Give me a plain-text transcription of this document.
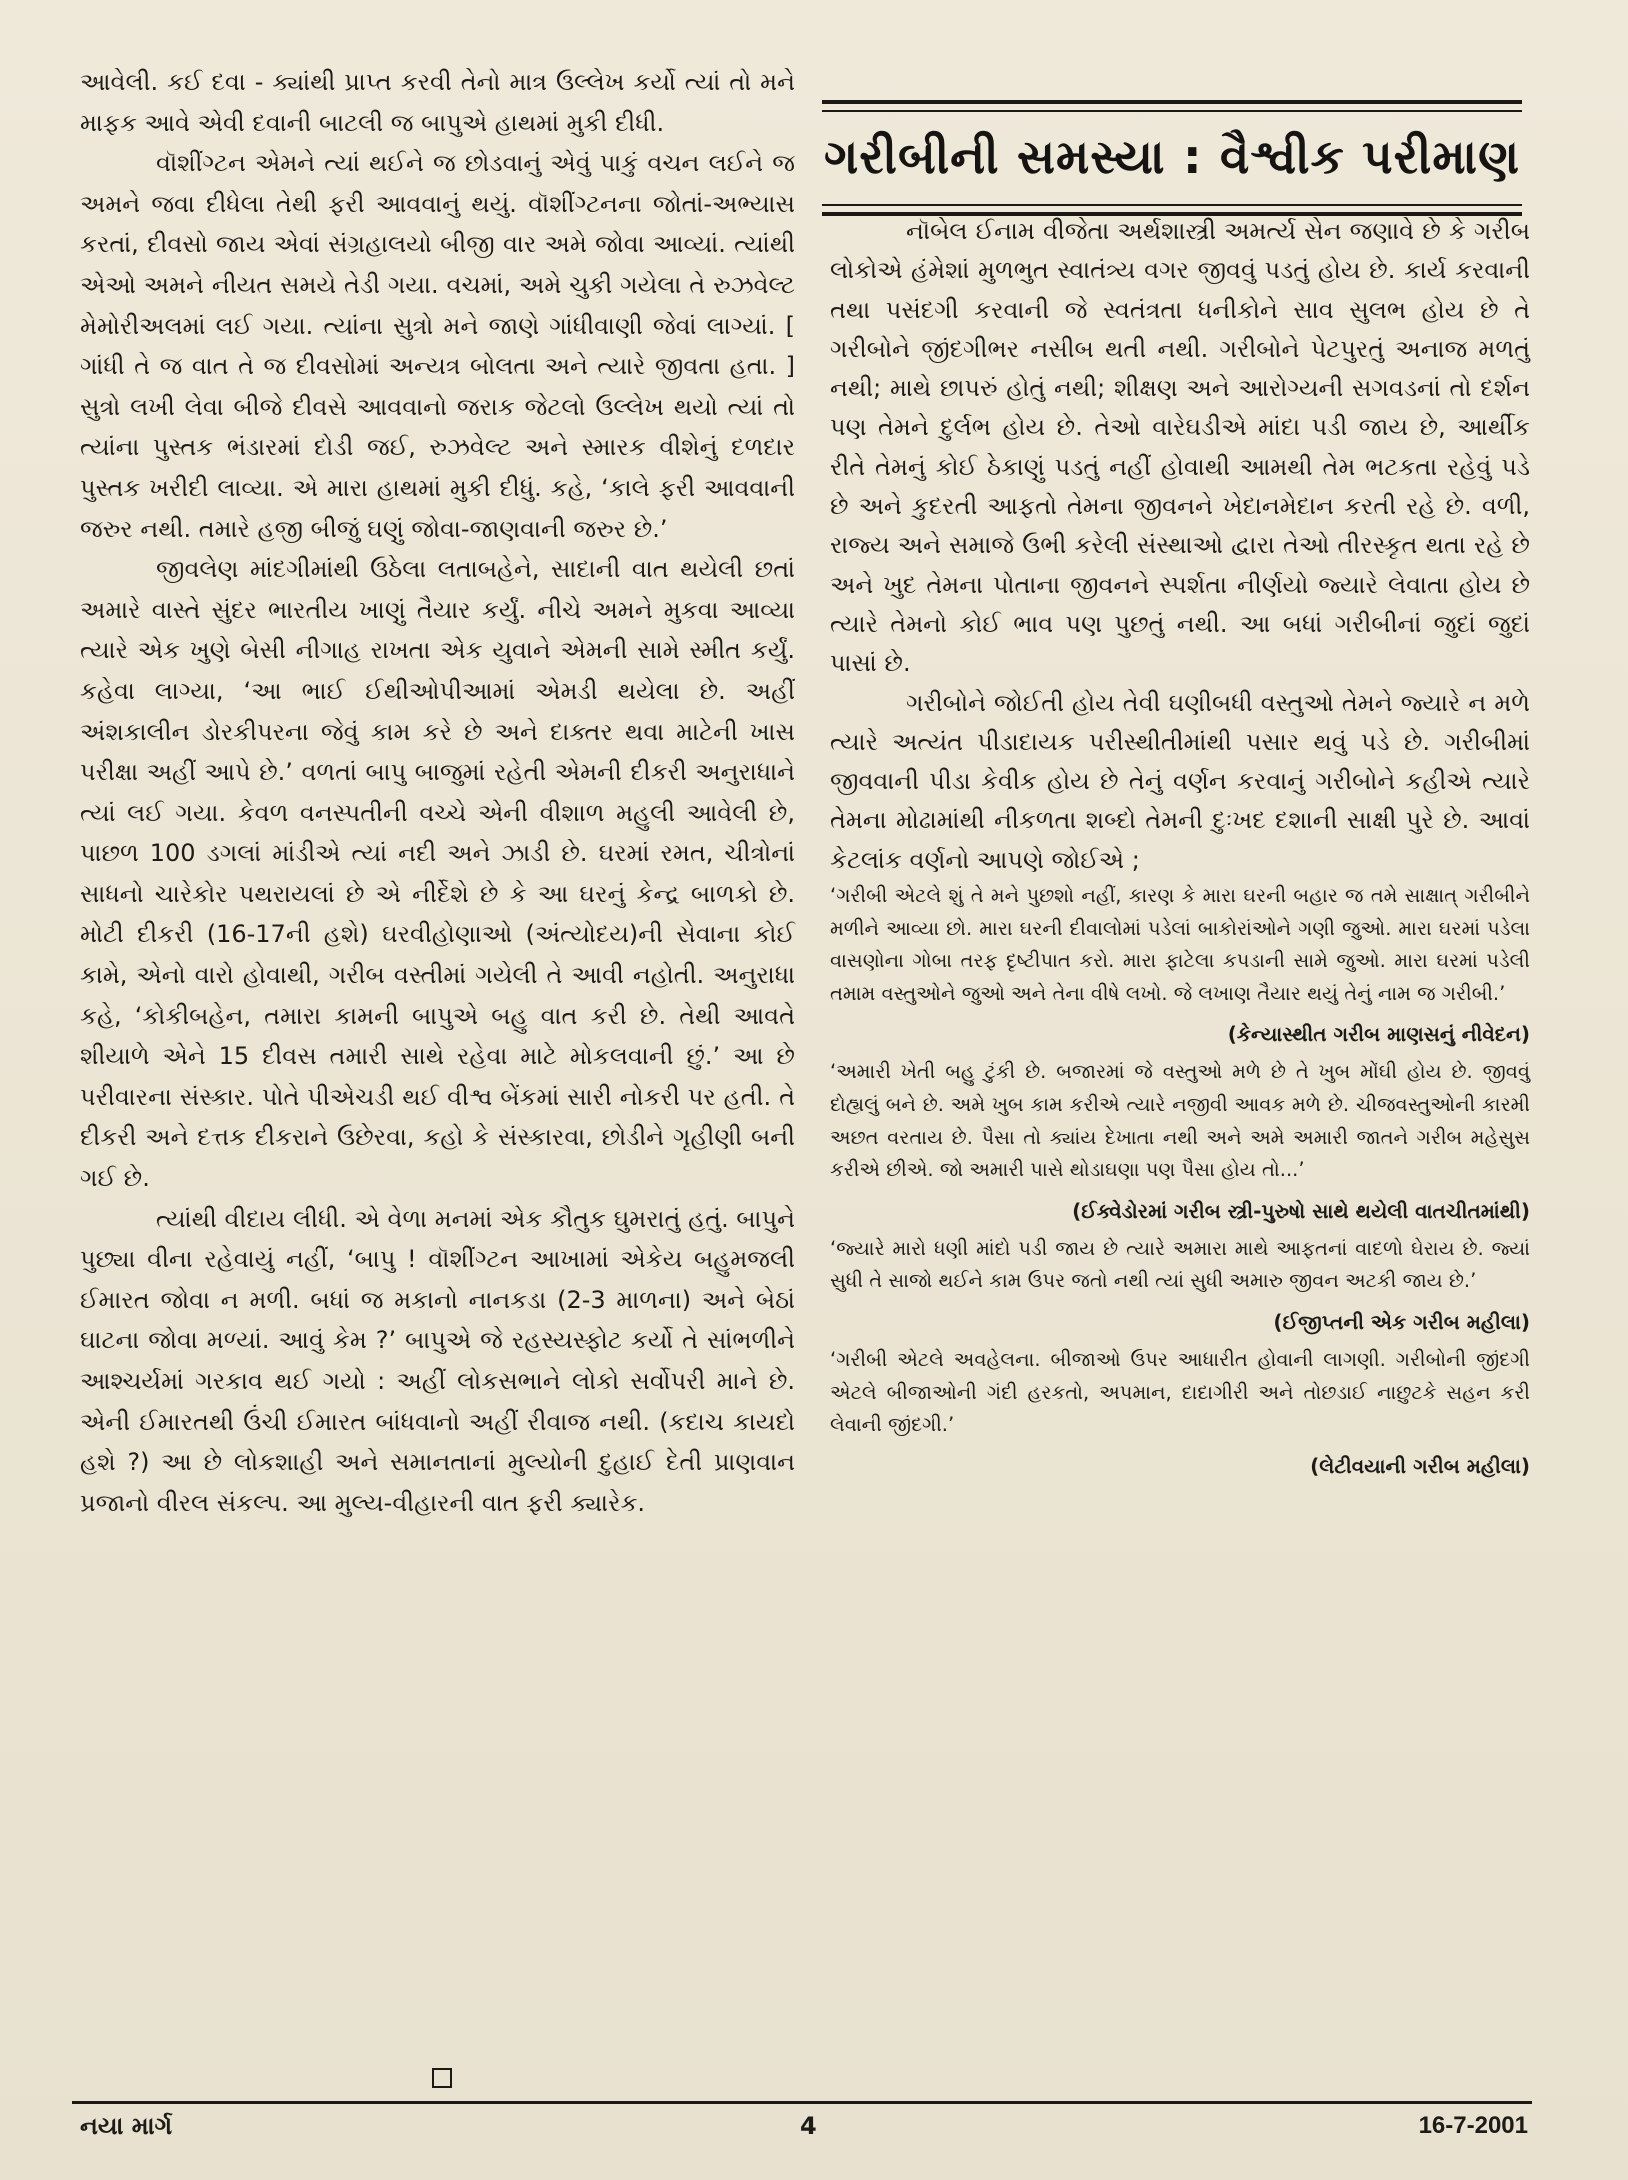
આવેલી. કઈ દવા - ક્યાંથી પ્રાપ્ત કરવી તેનો માત્ર ઉલ્લેખ કર્યો ત્યાં તો મને માફક આવે એવી દવાની બાટલી જ બાપુએ હાથમાં મુકી દીધી.

વૉશીંગ્ટન એમને ત્યાં થઈને જ છોડવાનું એવું પાકું વચન લઈને જ અમને જવા દીધેલા તેથી ફરી આવવાનું થયું. વૉશીંગ્ટનના જોતાં-અભ્યાસ કરતાં, દીવસો જાય એવાં સંગ્રહાલયો બીજી વાર અમે જોવા આવ્યાં. ત્યાંથી એઓ અમને નીયત સમયે તેડી ગયા. વચમાં, અમે ચુકી ગયેલા તે રુઝવેલ્ટ મેમોરીઅલમાં લઈ ગયા. ત્યાંના સુત્રો મને જાણે ગાંધીવાણી જેવાં લાગ્યાં. [ ગાંધી તે જ વાત તે જ દીવસોમાં અન્યત્ર બોલતા અને ત્યારે જીવતા હતા. ] સુત્રો લખી લેવા બીજે દીવસે આવવાનો જરાક જેટલો ઉલ્લેખ થયો ત્યાં તો ત્યાંના પુસ્તક ભંડારમાં દોડી જઈ, રુઝવેલ્ટ અને સ્મારક વીશેનું દળદાર પુસ્તક ખરીદી લાવ્યા. એ મારા હાથમાં મુકી દીધું. કહે, ‘કાલે ફરી આવવાની જરુર નથી. તમારે હજી બીજું ઘણું જોવા-જાણવાની જરુર છે.’

જીવલેણ માંદગીમાંથી ઉઠેલા લતાબહેને, સાદાની વાત થયેલી છતાં અમારે વાસ્તે સુંદર ભારતીય ખાણું તૈયાર કર્યું. નીચે અમને મુકવા આવ્યા ત્યારે એક ખુણે બેસી નીગાહ રાખતા એક યુવાને એમની સામે સ્મીત કર્યું. કહેવા લાગ્યા, ‘આ ભાઈ ઈથીઓપીઆમાં એમડી થયેલા છે. અહીં અંશકાલીન ડોરકીપરના જેવું કામ કરે છે અને દાક્તર થવા માટેની ખાસ પરીક્ષા અહીં આપે છે.’ વળતાં બાપુ બાજુમાં રહેતી એમની દીકરી અનુરાધાને ત્યાં લઈ ગયા. કેવળ વનસ્પતીની વચ્ચે એની વીશાળ મહુલી આવેલી છે, પાછળ 100 ડગલાં માંડીએ ત્યાં નદી અને ઝાડી છે. ઘરમાં રમત, ચીત્રોનાં સાધનો ચારેકોર પથરાયલાં છે એ નીર્દેશે છે કે આ ઘરનું કેન્દ્ર બાળકો છે. મોટી દીકરી (16-17ની હશે) ઘરવીહોણાઓ (અંત્યોદય)ની સેવાના કોઈ કામે, એનો વારો હોવાથી, ગરીબ વસ્તીમાં ગયેલી તે આવી નહોતી. અનુરાધા કહે, ‘કોકીબહેન, તમારા કામની બાપુએ બહુ વાત કરી છે. તેથી આવતે શીયાળે એને 15 દીવસ તમારી સાથે રહેવા માટે મોકલવાની છું.’ આ છે પરીવારના સંસ્કાર. પોતે પીએચડી થઈ વીશ્વ બેંકમાં સારી નોકરી પર હતી. તે દીકરી અને દત્તક દીકરાને ઉછેરવા, કહો કે સંસ્કારવા, છોડીને ગૃહીણી બની ગઈ છે.

ત્યાંથી વીદાય લીધી. એ વેળા મનમાં એક કૌતુક ઘુમરાતું હતું. બાપુને પુછ્યા વીના રહેવાયું નહીં, ‘બાપુ ! વૉશીંગ્ટન આખામાં એકેય બહુમજલી ઈમારત જોવા ન મળી. બધાં જ મકાનો નાનકડા (2-3 માળના) અને બેઠાં ઘાટના જોવા મળ્યાં. આવું કેમ ?’ બાપુએ જે રહસ્યસ્ફોટ કર્યો તે સાંભળીને આશ્ચર્યમાં ગરકાવ થઈ ગયો : અહીં લોકસભાને લોકો સર્વોપરી માને છે. એની ઈમારતથી ઉંચી ઈમારત બાંધવાનો અહીં રીવાજ નથી. (કદાચ કાયદો હશે ?) આ છે લોકશાહી અને સમાનતાનાં મુલ્યોની દુહાઈ દેતી પ્રાણવાન પ્રજાનો વીરલ સંકલ્પ. આ મુલ્ય-વીહારની વાત ફરી ક્યારેક.

ગરીબીની સમસ્યા : વૈશ્વીક પરીમાણ

નૉબેલ ઈનામ વીજેતા અર્થશાસ્ત્રી અમર્ત્ય સેન જણાવે છે કે ગરીબ લોકોએ હંમેશાં મુળભુત સ્વાતંત્ર્ય વગર જીવવું પડતું હોય છે. કાર્ય કરવાની તથા પસંદગી કરવાની જે સ્વતંત્રતા ધનીકોને સાવ સુલભ હોય છે તે ગરીબોને જીંદગીભર નસીબ થતી નથી. ગરીબોને પેટપુરતું અનાજ મળતું નથી; માથે છાપરું હોતું નથી; શીક્ષણ અને આરોગ્યની સગવડનાં તો દર્શન પણ તેમને દુર્લભ હોય છે. તેઓ વારેઘડીએ માંદા પડી જાય છે, આર્થીક રીતે તેમનું કોઈ ઠેકાણું પડતું નહીં હોવાથી આમથી તેમ ભટકતા રહેવું પડે છે અને કુદરતી આફતો તેમના જીવનને ખેદાનમેદાન કરતી રહે છે. વળી, રાજ્ય અને સમાજે ઉભી કરેલી સંસ્થાઓ દ્વારા તેઓ તીરસ્કૃત થતા રહે છે અને ખુદ તેમના પોતાના જીવનને સ્પર્શતા નીર્ણયો જ્યારે લેવાતા હોય છે ત્યારે તેમનો કોઈ ભાવ પણ પુછતું નથી. આ બધાં ગરીબીનાં જુદાં જુદાં પાસાં છે.

ગરીબોને જોઈતી હોય તેવી ઘણીબધી વસ્તુઓ તેમને જ્યારે ન મળે ત્યારે અત્યંત પીડાદાયક પરીસ્થીતીમાંથી પસાર થવું પડે છે. ગરીબીમાં જીવવાની પીડા કેવીક હોય છે તેનું વર્ણન કરવાનું ગરીબોને કહીએ ત્યારે તેમના મોઢામાંથી નીકળતા શબ્દો તેમની દુઃખદ દશાની સાક્ષી પુરે છે. આવાં કેટલાંક વર્ણનો આપણે જોઈએ ;

‘ગરીબી એટલે શું તે મને પુછશો નહીં, કારણ કે મારા ઘરની બહાર જ તમે સાક્ષાત્ ગરીબીને મળીને આવ્યા છો. મારા ઘરની દીવાલોમાં પડેલાં બાકોરાંઓને ગણી જુઓ. મારા ઘરમાં પડેલા વાસણોના ગોબા તરફ દૃષ્ટીપાત કરો. મારા ફાટેલા કપડાની સામે જુઓ. મારા ઘરમાં પડેલી તમામ વસ્તુઓને જુઓ અને તેના વીષે લખો. જે લખાણ તૈયાર થયું તેનું નામ જ ગરીબી.’

(કેન્યાસ્થીત ગરીબ માણસનું નીવેદન)

‘અમારી ખેતી બહુ ટુંકી છે. બજારમાં જે વસ્તુઓ મળે છે તે ખુબ મોંઘી હોય છે. જીવવું દોહ્યલું બને છે. અમે ખુબ કામ કરીએ ત્યારે નજીવી આવક મળે છે. ચીજવસ્તુઓની કારમી અછત વરતાય છે. પૈસા તો ક્યાંય દેખાતા નથી અને અમે અમારી જાતને ગરીબ મહેસુસ કરીએ છીએ. જો અમારી પાસે થોડાઘણા પણ પૈસા હોય તો...’

(ઈક્વેડોરમાં ગરીબ સ્ત્રી-પુરુષો સાથે થયેલી વાતચીતમાંથી)

‘જ્યારે મારો ધણી માંદો પડી જાય છે ત્યારે અમારા માથે આફતનાં વાદળો ઘેરાય છે. જ્યાં સુધી તે સાજો થઈને કામ ઉપર જતો નથી ત્યાં સુધી અમારુ જીવન અટકી જાય છે.’

(ઈજીપ્તની એક ગરીબ મહીલા)

‘ગરીબી એટલે અવહેલના. બીજાઓ ઉપર આધારીત હોવાની લાગણી. ગરીબોની જીંદગી એટલે બીજાઓની ગંદી હરકતો, અપમાન, દાદાગીરી અને તોછડાઈ નાછુટકે સહન કરી લેવાની જીંદગી.’

(લેટીવયાની ગરીબ મહીલા)
નયા માર્ગ	4	16-7-2001
